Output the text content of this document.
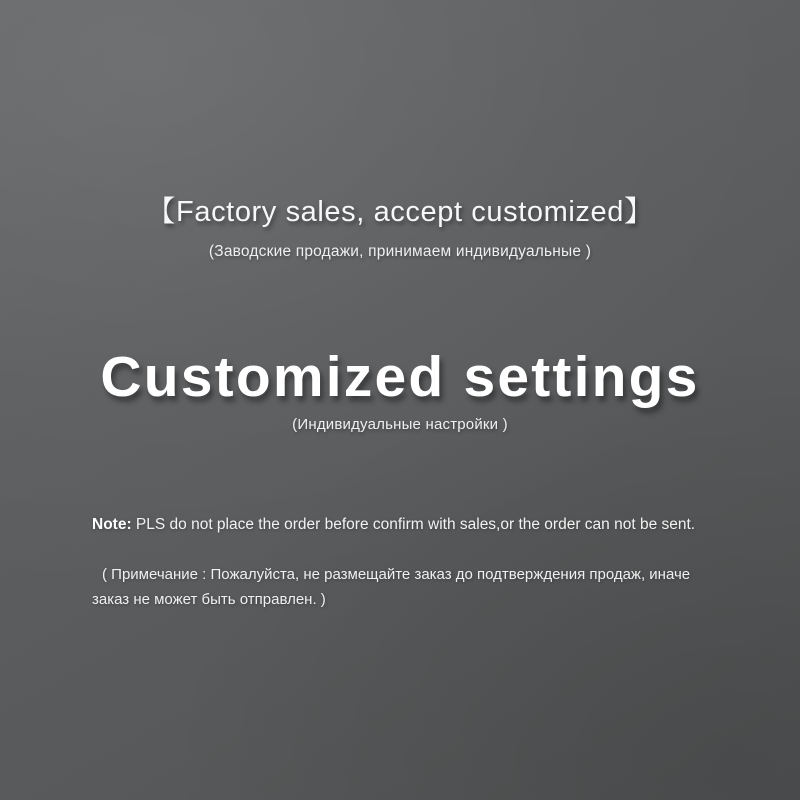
【Factory sales, accept customized】
(Заводские продажи, принимаем индивидуальные )
Customized settings
(Индивидуальные настройки )
Note: PLS do not place the order before confirm with sales,or the order can not be sent.
( Примечание : Пожалуйста, не размещайте заказ до подтверждения продаж, иначе заказ не может быть отправлен. )
